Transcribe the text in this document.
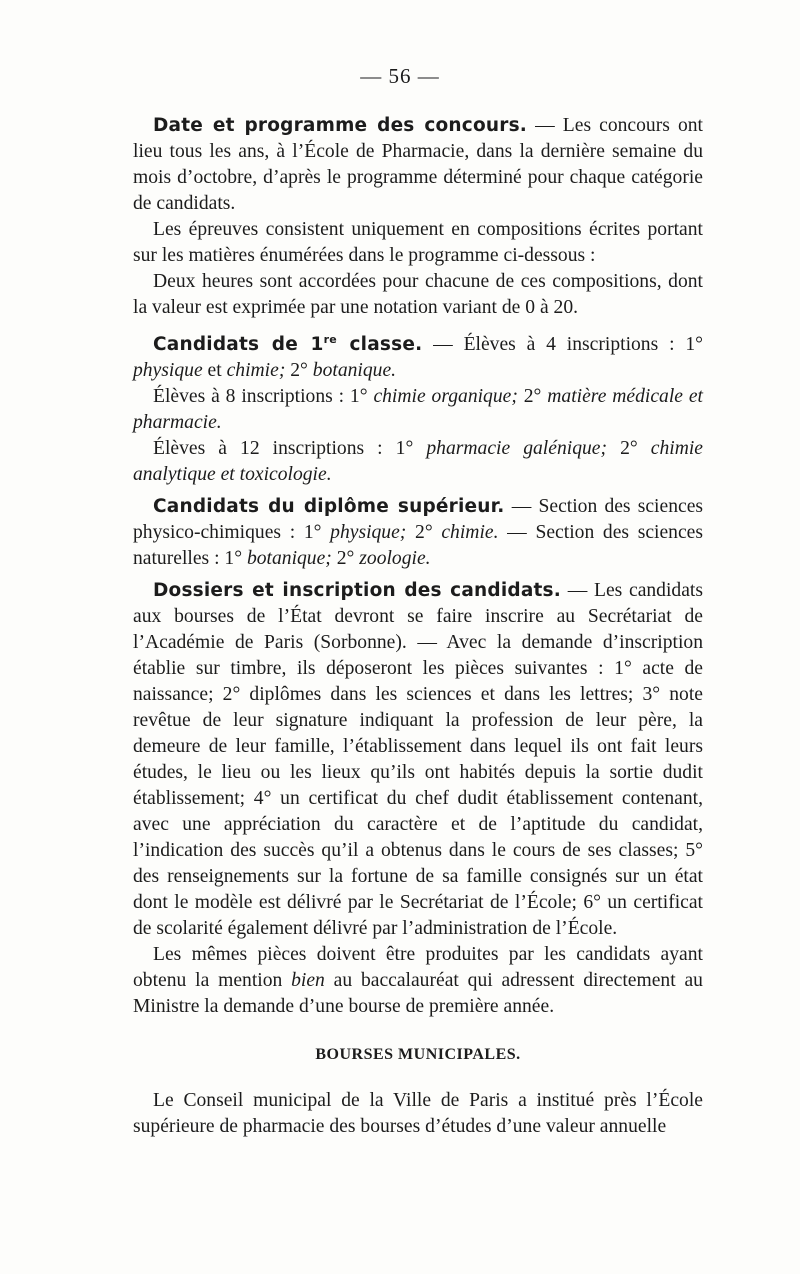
— 56 —

Date et programme des concours. — Les concours ont lieu tous les ans, à l’École de Pharmacie, dans la dernière semaine du mois d’octobre, d’après le programme déterminé pour chaque catégorie de candidats.

Les épreuves consistent uniquement en compositions écrites portant sur les matières énumérées dans le programme ci-dessous :

Deux heures sont accordées pour chacune de ces compositions, dont la valeur est exprimée par une notation variant de 0 à 20.

Candidats de 1re classe. — Élèves à 4 inscriptions : 1° physique et chimie; 2° botanique.

Élèves à 8 inscriptions : 1° chimie organique; 2° matière médicale et pharmacie.

Élèves à 12 inscriptions : 1° pharmacie galénique; 2° chimie analytique et toxicologie.

Candidats du diplôme supérieur. — Section des sciences physico-chimiques : 1° physique; 2° chimie. — Section des sciences naturelles : 1° botanique; 2° zoologie.

Dossiers et inscription des candidats. — Les candidats aux bourses de l’État devront se faire inscrire au Secrétariat de l’Académie de Paris (Sorbonne). — Avec la demande d’inscription établie sur timbre, ils déposeront les pièces suivantes : 1° acte de naissance; 2° diplômes dans les sciences et dans les lettres; 3° note revêtue de leur signature indiquant la profession de leur père, la demeure de leur famille, l’établissement dans lequel ils ont fait leurs études, le lieu ou les lieux qu’ils ont habités depuis la sortie dudit établissement; 4° un certificat du chef dudit établissement contenant, avec une appréciation du caractère et de l’aptitude du candidat, l’indication des succès qu’il a obtenus dans le cours de ses classes; 5° des renseignements sur la fortune de sa famille consignés sur un état dont le modèle est délivré par le Secrétariat de l’École; 6° un certificat de scolarité également délivré par l’administration de l’École.

Les mêmes pièces doivent être produites par les candidats ayant obtenu la mention bien au baccalauréat qui adressent directement au Ministre la demande d’une bourse de première année.

BOURSES MUNICIPALES.

Le Conseil municipal de la Ville de Paris a institué près l’École supérieure de pharmacie des bourses d’études d’une valeur annuelle
